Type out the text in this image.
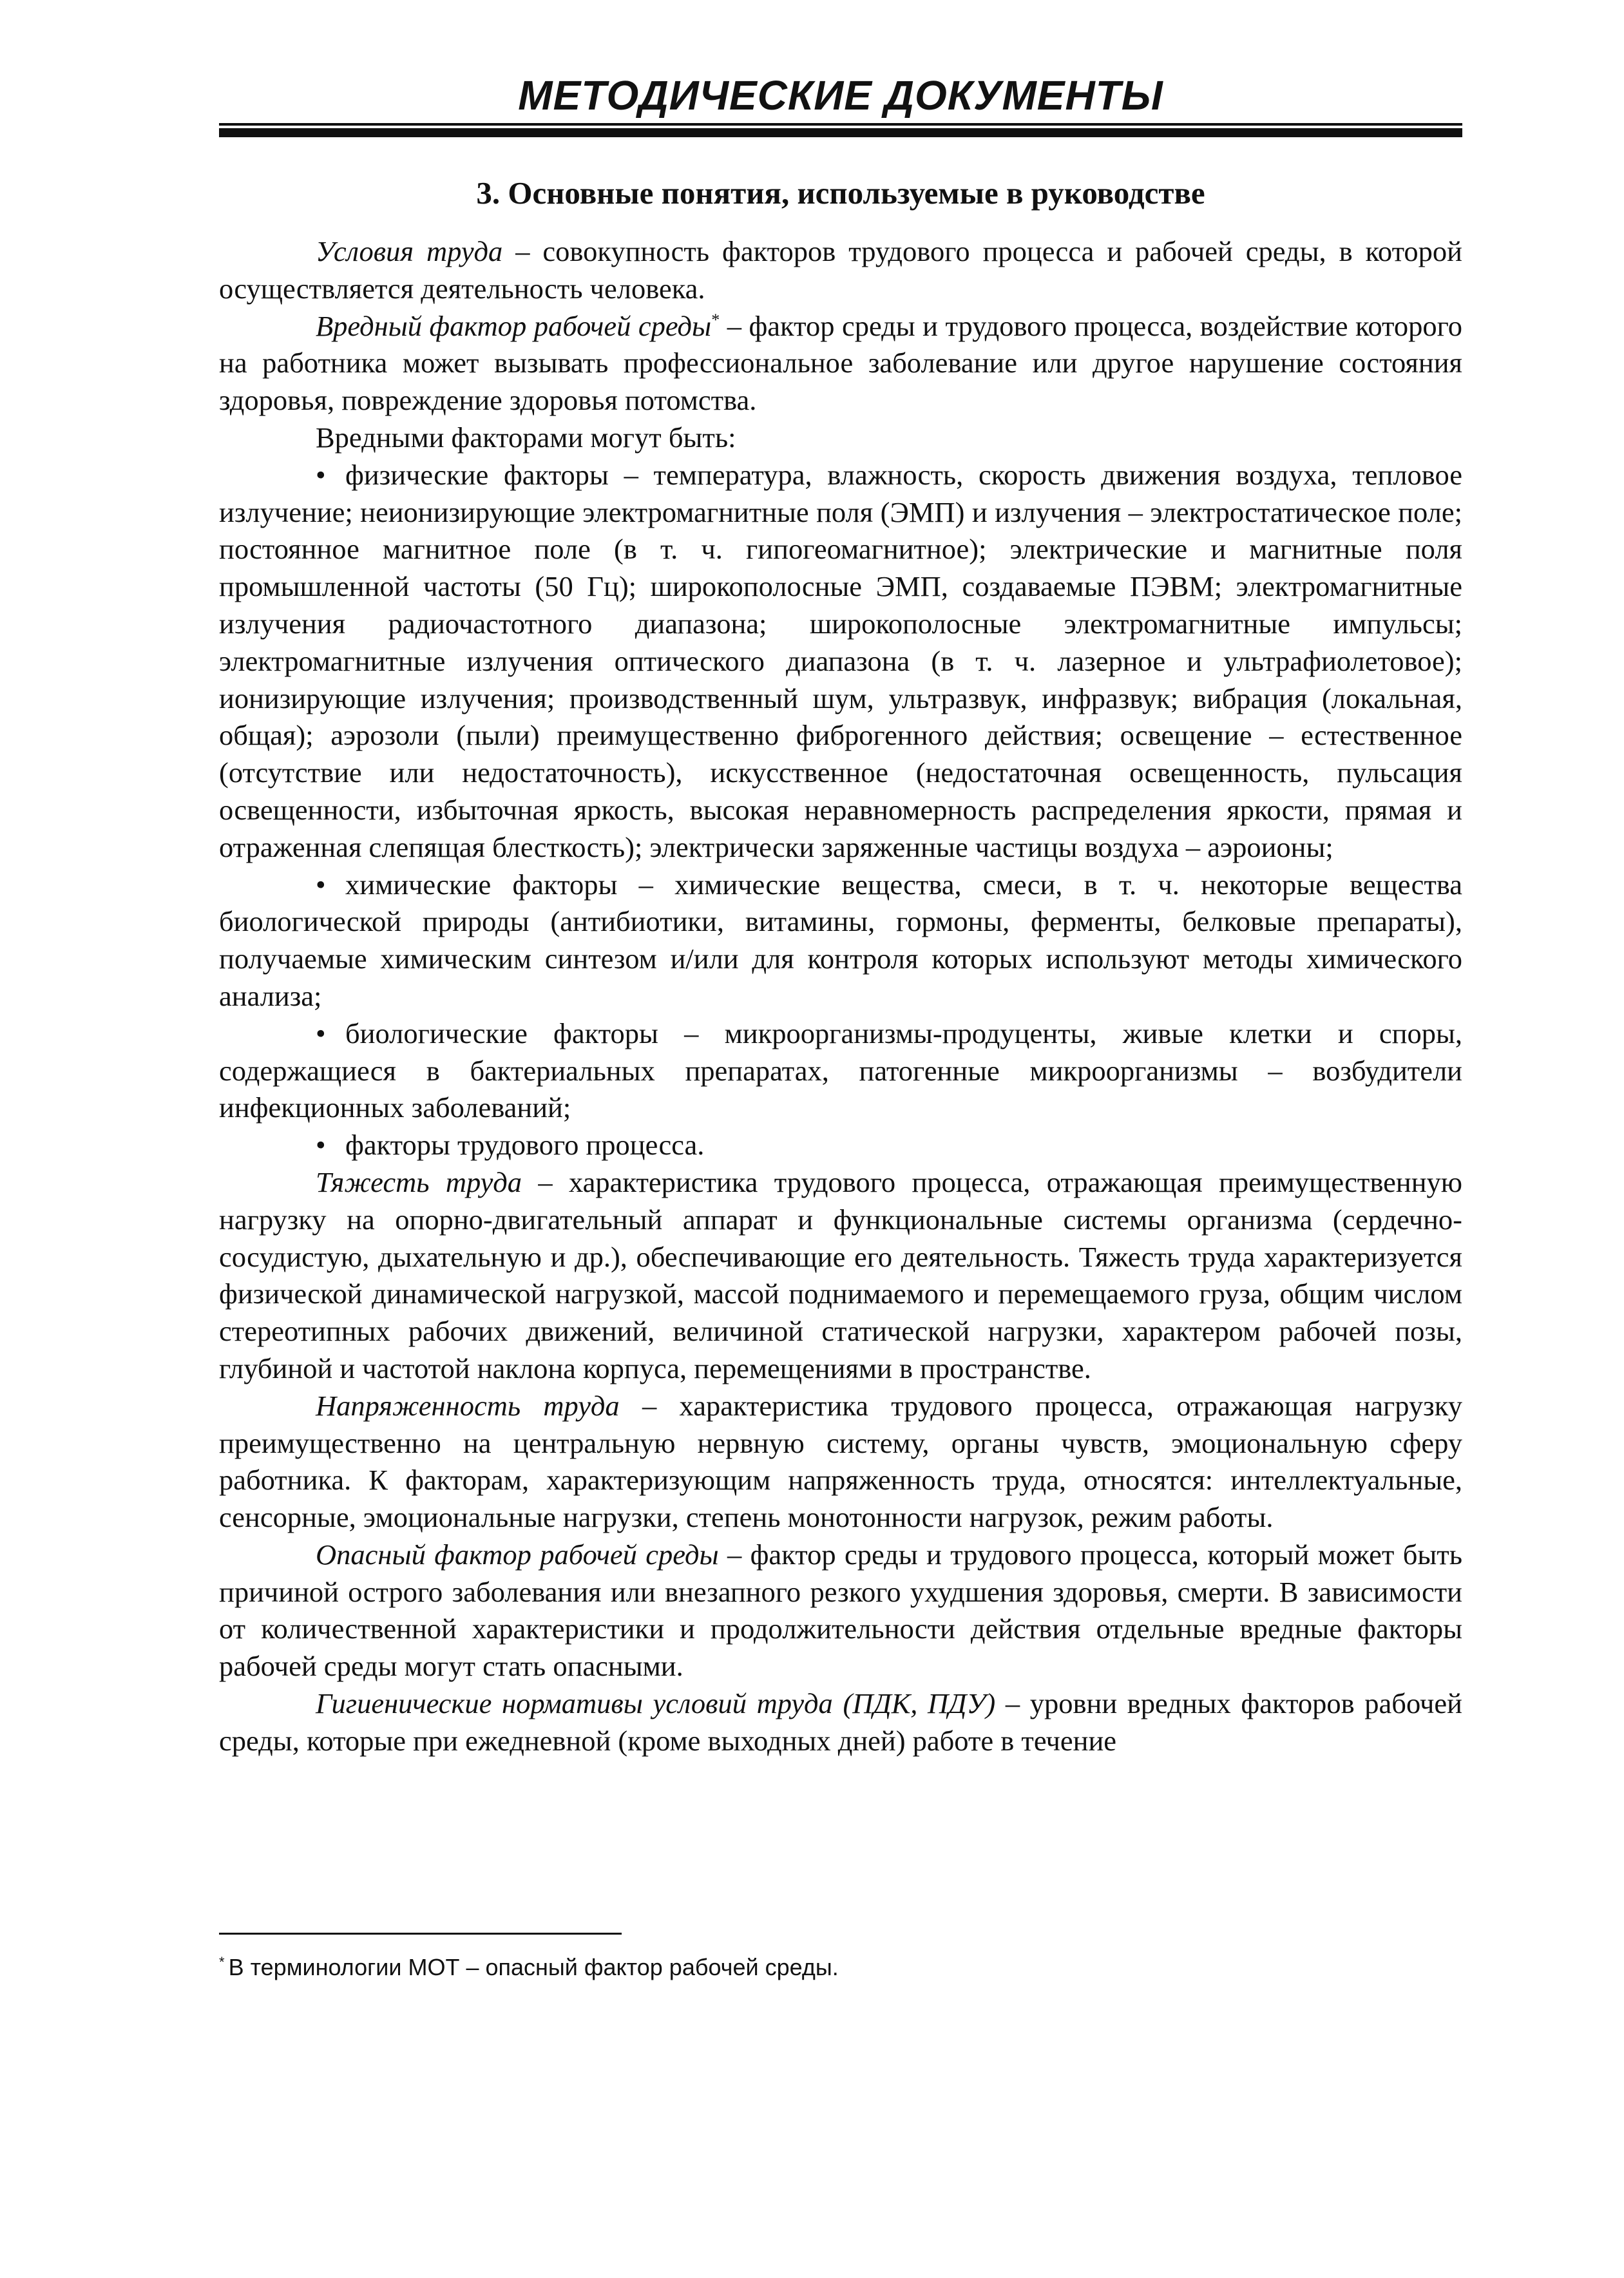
МЕТОДИЧЕСКИЕ ДОКУМЕНТЫ
3. Основные понятия, используемые в руководстве

Условия труда – совокупность факторов трудового процесса и рабочей среды, в которой осуществляется деятельность человека.

Вредный фактор рабочей среды* – фактор среды и трудового процесса, воздействие которого на работника может вызывать профессиональное заболевание или другое нарушение состояния здоровья, повреждение здоровья потомства.

Вредными факторами могут быть:

• физические факторы – температура, влажность, скорость движения воздуха, тепловое излучение; неионизирующие электромагнитные поля (ЭМП) и излучения – электростатическое поле; постоянное магнитное поле (в т. ч. гипогеомагнитное); электрические и магнитные поля промышленной частоты (50 Гц); широкополосные ЭМП, создаваемые ПЭВМ; электромагнитные излучения радиочастотного диапазона; широкополосные электромагнитные импульсы; электромагнитные излучения оптического диапазона (в т. ч. лазерное и ультрафиолетовое); ионизирующие излучения; производственный шум, ультразвук, инфразвук; вибрация (локальная, общая); аэрозоли (пыли) преимущественно фиброгенного действия; освещение – естественное (отсутствие или недостаточность), искусственное (недостаточная освещенность, пульсация освещенности, избыточная яркость, высокая неравномерность распределения яркости, прямая и отраженная слепящая блесткость); электрически заряженные частицы воздуха – аэроионы;

• химические факторы – химические вещества, смеси, в т. ч. некоторые вещества биологической природы (антибиотики, витамины, гормоны, ферменты, белковые препараты), получаемые химическим синтезом и/или для контроля которых используют методы химического анализа;

• биологические факторы – микроорганизмы-продуценты, живые клетки и споры, содержащиеся в бактериальных препаратах, патогенные микроорганизмы – возбудители инфекционных заболеваний;

• факторы трудового процесса.

Тяжесть труда – характеристика трудового процесса, отражающая преимущественную нагрузку на опорно-двигательный аппарат и функциональные системы организма (сердечно-сосудистую, дыхательную и др.), обеспечивающие его деятельность. Тяжесть труда характеризуется физической динамической нагрузкой, массой поднимаемого и перемещаемого груза, общим числом стереотипных рабочих движений, величиной статической нагрузки, характером рабочей позы, глубиной и частотой наклона корпуса, перемещениями в пространстве.

Напряженность труда – характеристика трудового процесса, отражающая нагрузку преимущественно на центральную нервную систему, органы чувств, эмоциональную сферу работника. К факторам, характеризующим напряженность труда, относятся: интеллектуальные, сенсорные, эмоциональные нагрузки, степень монотонности нагрузок, режим работы.

Опасный фактор рабочей среды – фактор среды и трудового процесса, который может быть причиной острого заболевания или внезапного резкого ухудшения здоровья, смерти. В зависимости от количественной характеристики и продолжительности действия отдельные вредные факторы рабочей среды могут стать опасными.

Гигиенические нормативы условий труда (ПДК, ПДУ) – уровни вредных факторов рабочей среды, которые при ежедневной (кроме выходных дней) работе в течение

* В терминологии МОТ – опасный фактор рабочей среды.
